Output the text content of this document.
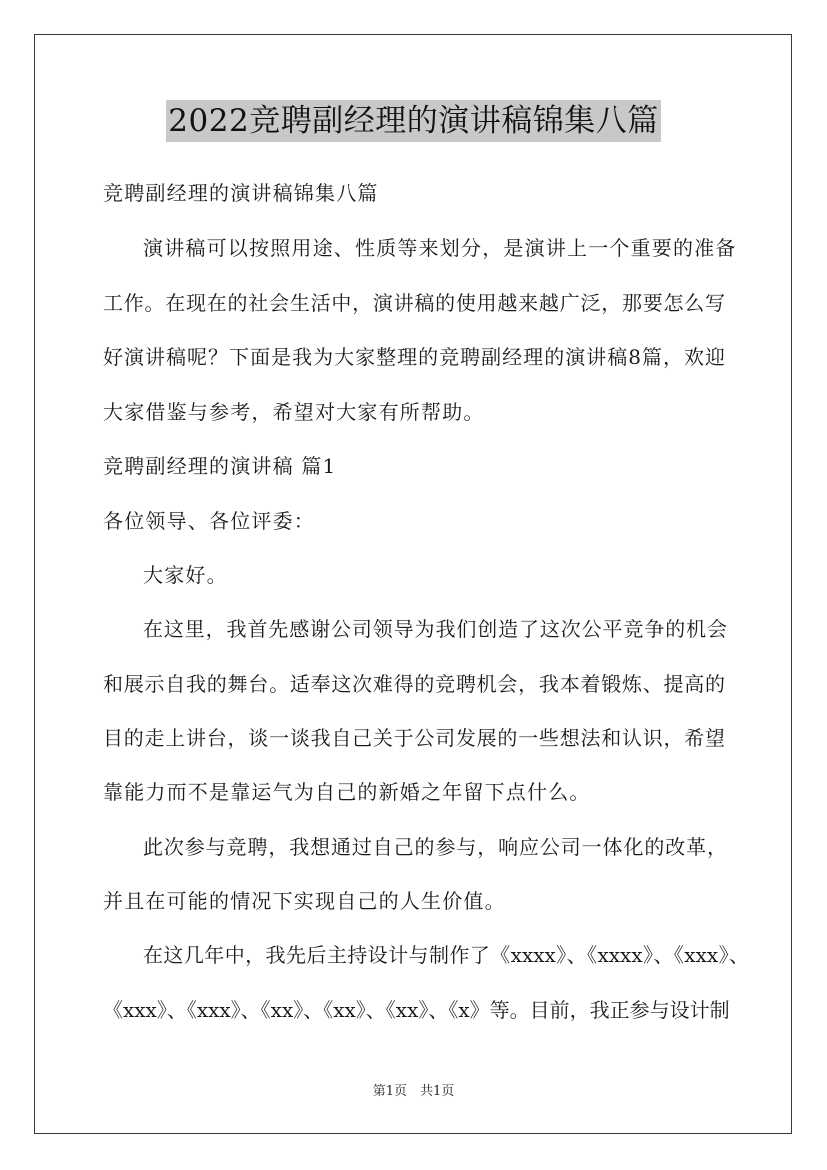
2022竞聘副经理的演讲稿锦集八篇
竞聘副经理的演讲稿锦集八篇
演讲稿可以按照用途、性质等来划分，是演讲上一个重要的准备
工作。在现在的社会生活中，演讲稿的使用越来越广泛，那要怎么写
好演讲稿呢？下面是我为大家整理的竞聘副经理的演讲稿8篇，欢迎
大家借鉴与参考，希望对大家有所帮助。
竞聘副经理的演讲稿 篇1
各位领导、各位评委：
大家好。
在这里，我首先感谢公司领导为我们创造了这次公平竞争的机会
和展示自我的舞台。适奉这次难得的竞聘机会，我本着锻炼、提高的
目的走上讲台，谈一谈我自己关于公司发展的一些想法和认识，希望
靠能力而不是靠运气为自己的新婚之年留下点什么。
此次参与竞聘，我想通过自己的参与，响应公司一体化的改革，
并且在可能的情况下实现自己的人生价值。
在这几年中，我先后主持设计与制作了《xxxx》、《xxxx》、《xxx》、
《xxx》、《xxx》、《xx》、《xx》、《xx》、《x》等。目前，我正参与设计制
第1页　共1页
